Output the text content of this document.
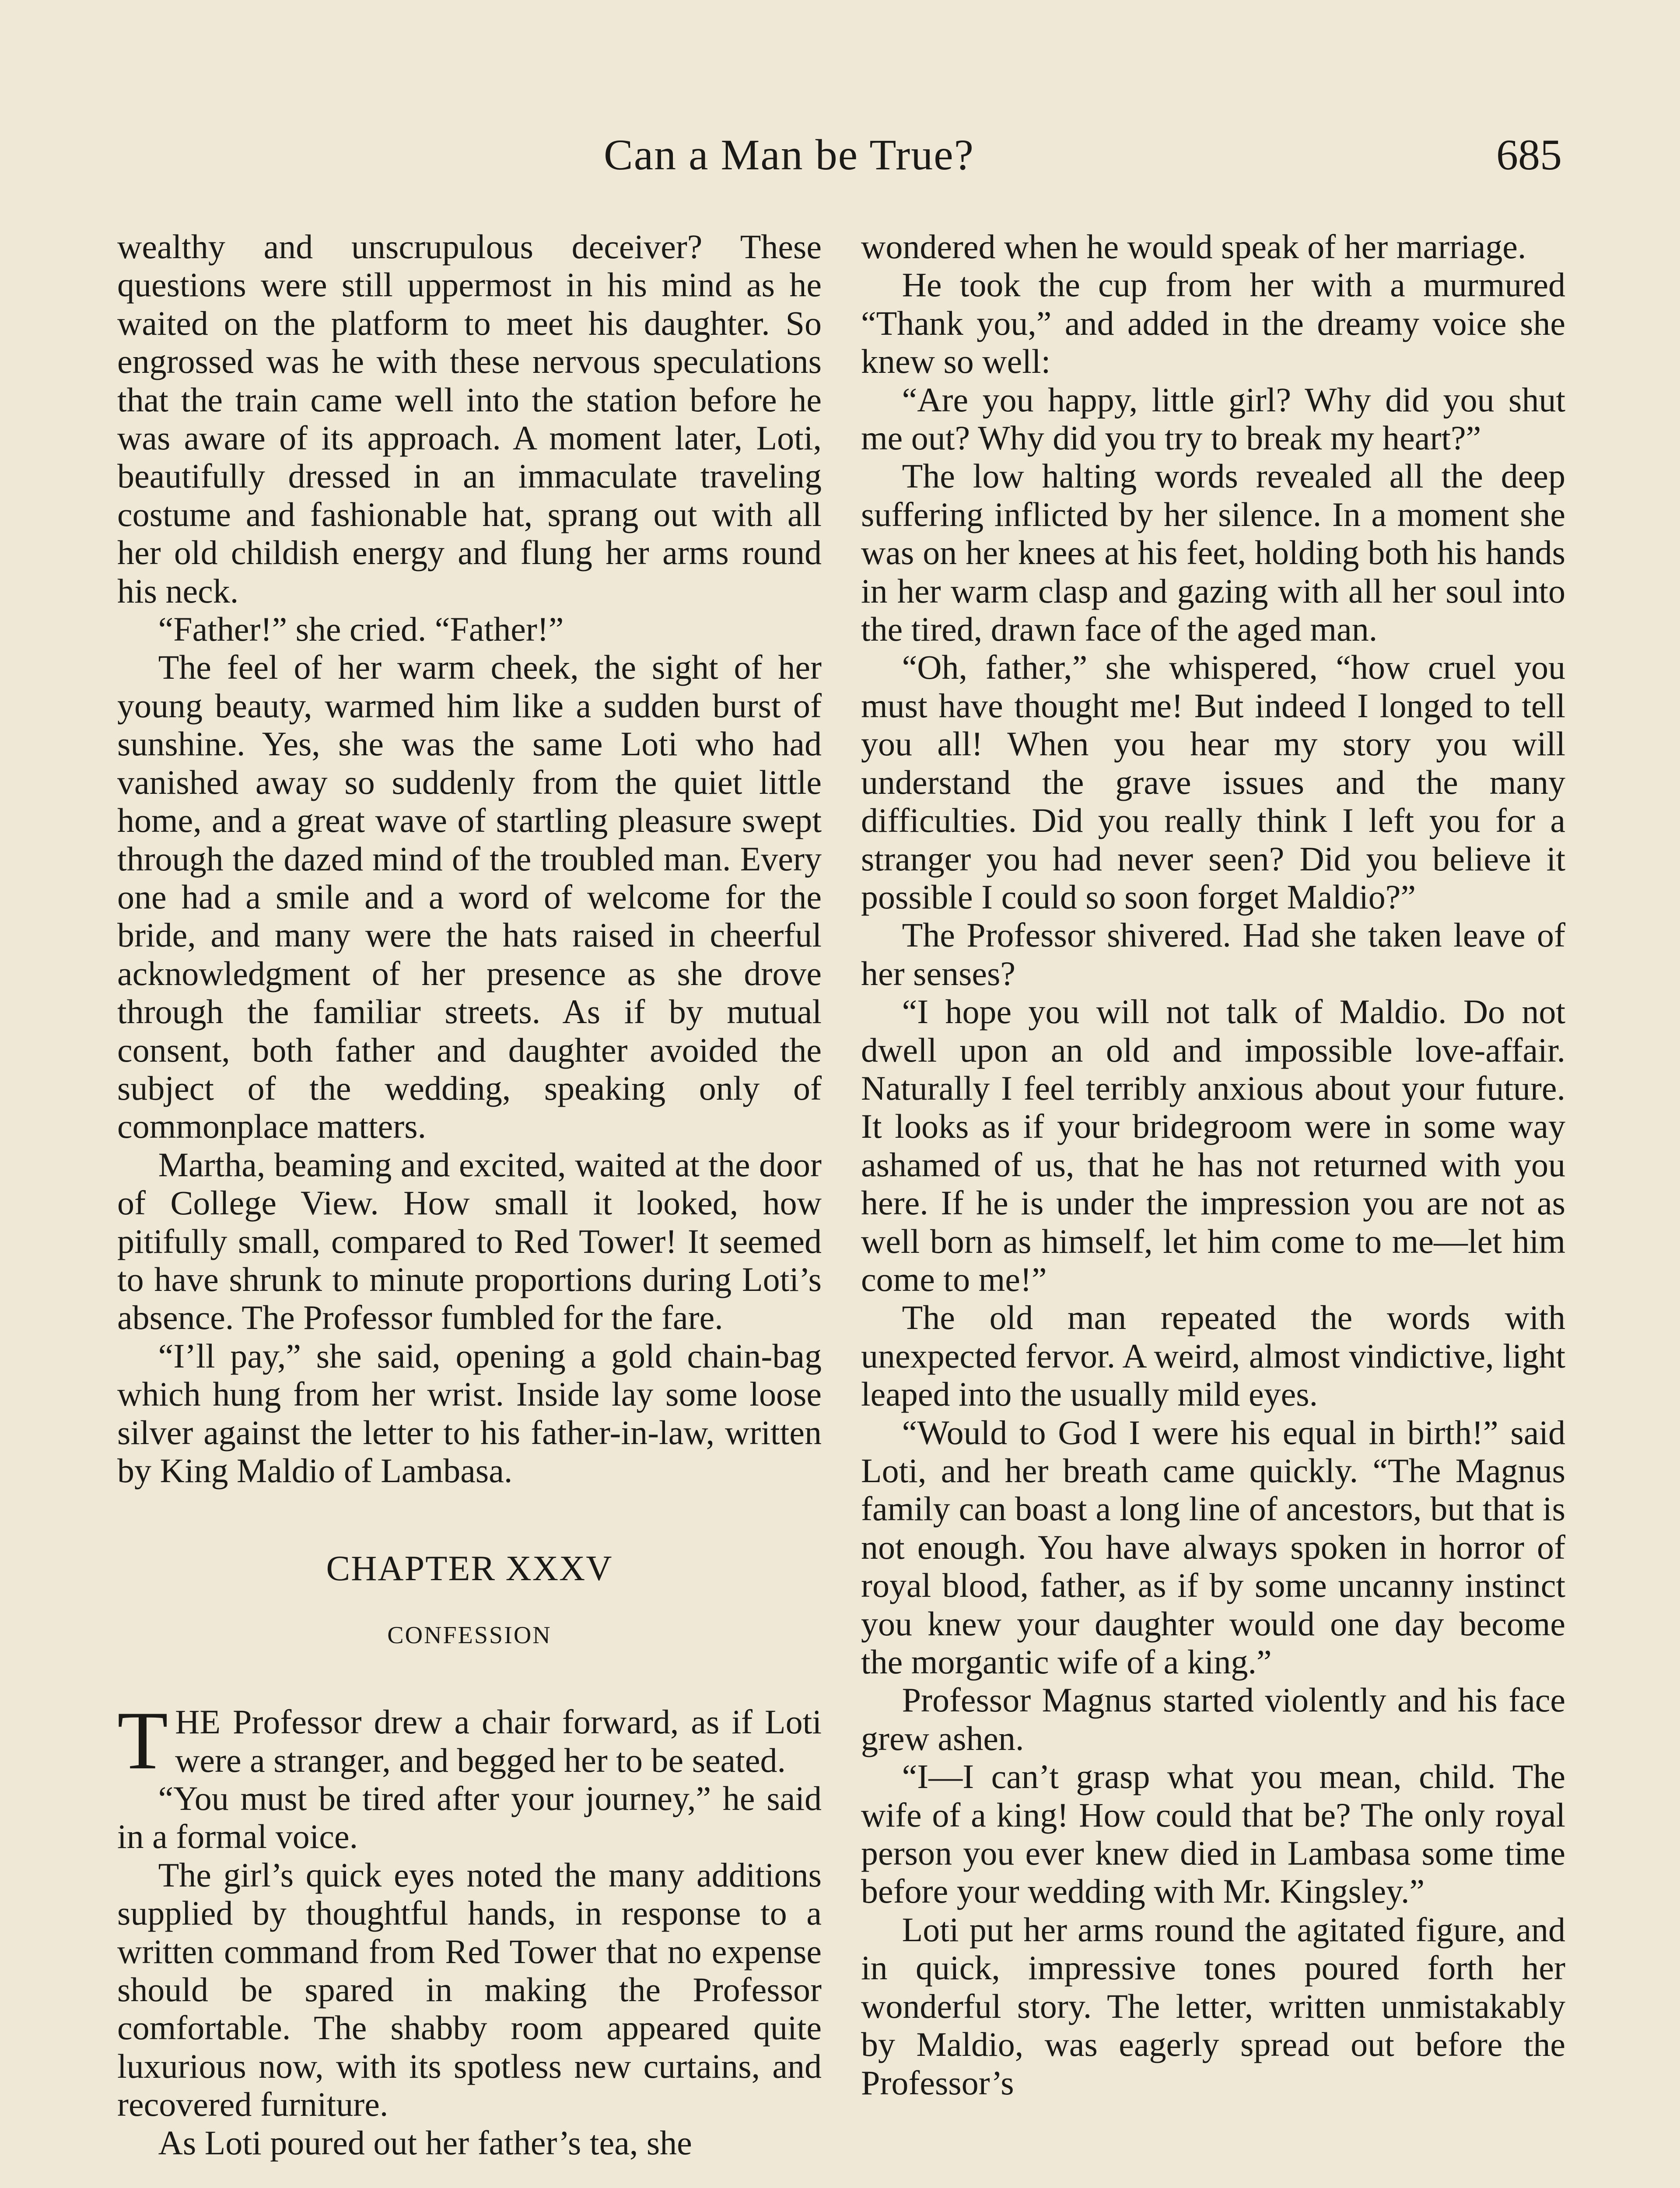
Can a Man be True?	685

wealthy and unscrupulous deceiver? These questions were still uppermost in his mind as he waited on the platform to meet his daughter. So engrossed was he with these nervous speculations that the train came well into the station before he was aware of its approach. A moment later, Loti, beautifully dressed in an immaculate traveling costume and fashionable hat, sprang out with all her old childish energy and flung her arms round his neck.

“Father!” she cried. “Father!”

The feel of her warm cheek, the sight of her young beauty, warmed him like a sudden burst of sunshine. Yes, she was the same Loti who had vanished away so suddenly from the quiet little home, and a great wave of startling pleasure swept through the dazed mind of the troubled man. Every one had a smile and a word of welcome for the bride, and many were the hats raised in cheerful acknowledgment of her presence as she drove through the familiar streets. As if by mutual consent, both father and daughter avoided the subject of the wedding, speaking only of commonplace matters.

Martha, beaming and excited, waited at the door of College View. How small it looked, how pitifully small, compared to Red Tower! It seemed to have shrunk to minute proportions during Loti’s absence. The Professor fumbled for the fare.

“I’ll pay,” she said, opening a gold chain-bag which hung from her wrist. Inside lay some loose silver against the letter to his father-in-law, written by King Maldio of Lambasa.

CHAPTER XXXV
CONFESSION

THE Professor drew a chair forward, as if Loti were a stranger, and begged her to be seated.

“You must be tired after your journey,” he said in a formal voice.

The girl’s quick eyes noted the many additions supplied by thoughtful hands, in response to a written command from Red Tower that no expense should be spared in making the Professor comfortable. The shabby room appeared quite luxurious now, with its spotless new curtains, and recovered furniture.

As Loti poured out her father’s tea, she

wondered when he would speak of her marriage.

He took the cup from her with a murmured “Thank you,” and added in the dreamy voice she knew so well:

“Are you happy, little girl? Why did you shut me out? Why did you try to break my heart?”

The low halting words revealed all the deep suffering inflicted by her silence. In a moment she was on her knees at his feet, holding both his hands in her warm clasp and gazing with all her soul into the tired, drawn face of the aged man.

“Oh, father,” she whispered, “how cruel you must have thought me! But indeed I longed to tell you all! When you hear my story you will understand the grave issues and the many difficulties. Did you really think I left you for a stranger you had never seen? Did you believe it possible I could so soon forget Maldio?”

The Professor shivered. Had she taken leave of her senses?

“I hope you will not talk of Maldio. Do not dwell upon an old and impossible love-affair. Naturally I feel terribly anxious about your future. It looks as if your bridegroom were in some way ashamed of us, that he has not returned with you here. If he is under the impression you are not as well born as himself, let him come to me—let him come to me!”

The old man repeated the words with unexpected fervor. A weird, almost vindictive, light leaped into the usually mild eyes.

“Would to God I were his equal in birth!” said Loti, and her breath came quickly. “The Magnus family can boast a long line of ancestors, but that is not enough. You have always spoken in horror of royal blood, father, as if by some uncanny instinct you knew your daughter would one day become the morgantic wife of a king.”

Professor Magnus started violently and his face grew ashen.

“I—I can’t grasp what you mean, child. The wife of a king! How could that be? The only royal person you ever knew died in Lambasa some time before your wedding with Mr. Kingsley.”

Loti put her arms round the agitated figure, and in quick, impressive tones poured forth her wonderful story. The letter, written unmistakably by Maldio, was eagerly spread out before the Professor’s
